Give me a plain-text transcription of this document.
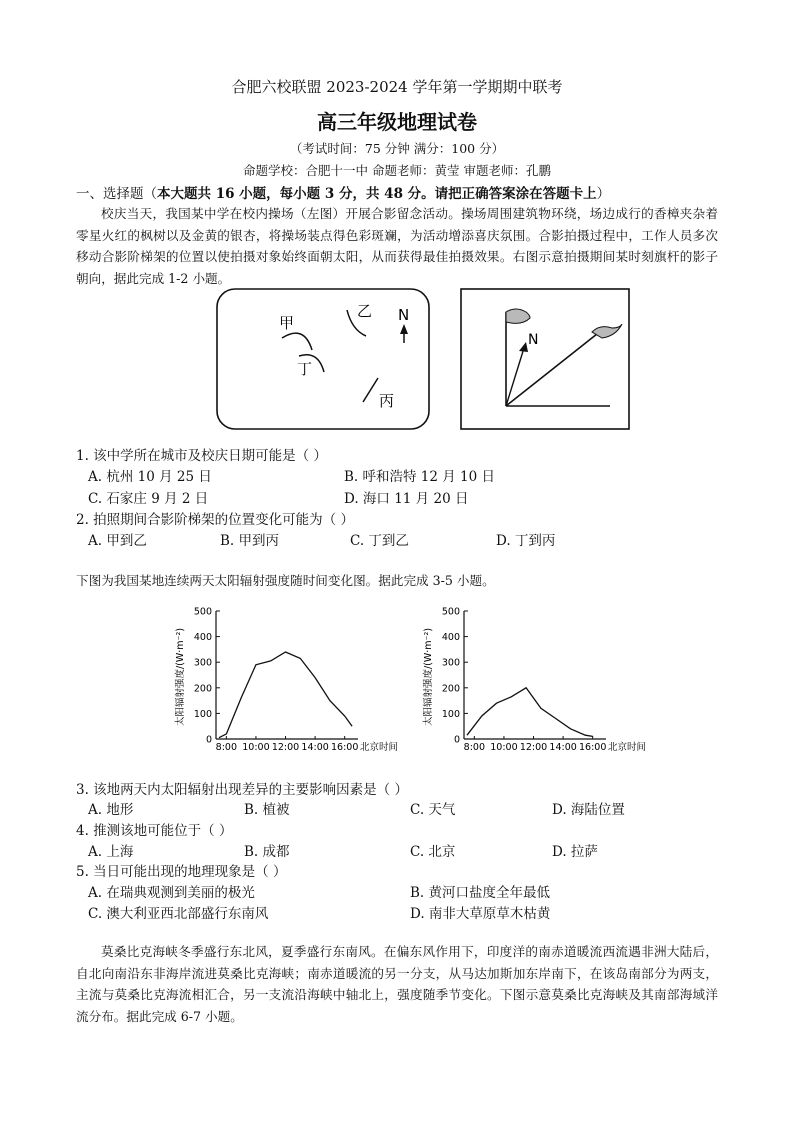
合肥六校联盟 2023-2024 学年第一学期期中联考
高三年级地理试卷
（考试时间：75 分钟 满分：100 分）
命题学校：合肥十一中 命题老师：黄莹 审题老师：孔鹏
一、选择题（本大题共 16 小题，每小题 3 分，共 48 分。请把正确答案涂在答题卡上）
校庆当天，我国某中学在校内操场（左图）开展合影留念活动。操场周围建筑物环绕，场边成行的香樟夹杂着零星火红的枫树以及金黄的银杏，将操场装点得色彩斑斓，为活动增添喜庆氛围。合影拍摄过程中，工作人员多次移动合影阶梯架的位置以使拍摄对象始终面朝太阳，从而获得最佳拍摄效果。右图示意拍摄期间某时刻旗杆的影子朝向，据此完成 1-2 小题。
甲
乙
丁
丙
N
N
1. 该中学所在城市及校庆日期可能是（ ）
A. 杭州 10 月 25 日	B. 呼和浩特 12 月 10 日
C. 石家庄 9 月 2 日	D. 海口 11 月 20 日
2. 拍照期间合影阶梯架的位置变化可能为（ ）
A. 甲到乙	B. 甲到丙	C. 丁到乙	D. 丁到丙
下图为我国某地连续两天太阳辐射强度随时间变化图。据此完成 3-5 小题。
0
100
200
300
400
500
8:00 10:00 12:00 14:00 16:00 北京时间
太阳辐射强度/(W·m⁻²)
0
100
200
300
400
500
8:00 10:00 12:00 14:00 16:00 北京时间
太阳辐射强度/(W·m⁻²)
3. 该地两天内太阳辐射出现差异的主要影响因素是（ ）
A. 地形	B. 植被	C. 天气	D. 海陆位置
4. 推测该地可能位于（ ）
A. 上海	B. 成都	C. 北京	D. 拉萨
5. 当日可能出现的地理现象是（ ）
A. 在瑞典观测到美丽的极光	B. 黄河口盐度全年最低
C. 澳大利亚西北部盛行东南风	D. 南非大草原草木枯黄
莫桑比克海峡冬季盛行东北风，夏季盛行东南风。在偏东风作用下，印度洋的南赤道暖流西流遇非洲大陆后，自北向南沿东非海岸流进莫桑比克海峡；南赤道暖流的另一分支，从马达加斯加东岸南下，在该岛南部分为两支，主流与莫桑比克海流相汇合，另一支流沿海峡中轴北上，强度随季节变化。下图示意莫桑比克海峡及其南部海域洋流分布。据此完成 6-7 小题。
